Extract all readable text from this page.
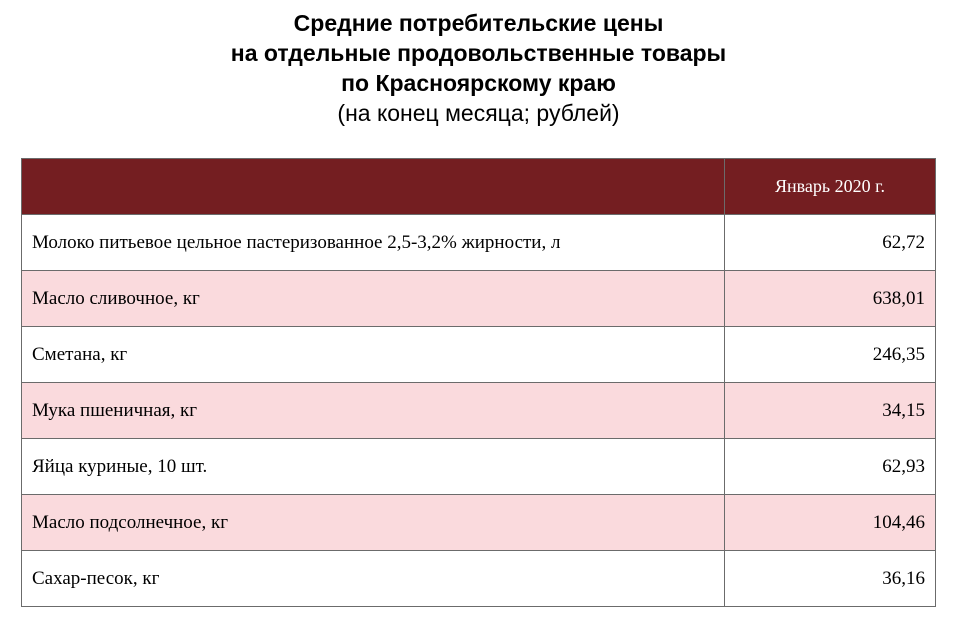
Средние потребительские цены

на отдельные продовольственные товары

по Красноярскому краю

(на конец месяца; рублей)

	Январь 2020 г.
Молоко питьевое цельное пастеризованное 2,5-3,2% жирности, л	62,72
Масло сливочное, кг	638,01
Сметана, кг	246,35
Мука пшеничная, кг	34,15
Яйца куриные, 10 шт.	62,93
Масло подсолнечное, кг	104,46
Сахар-песок, кг	36,16
